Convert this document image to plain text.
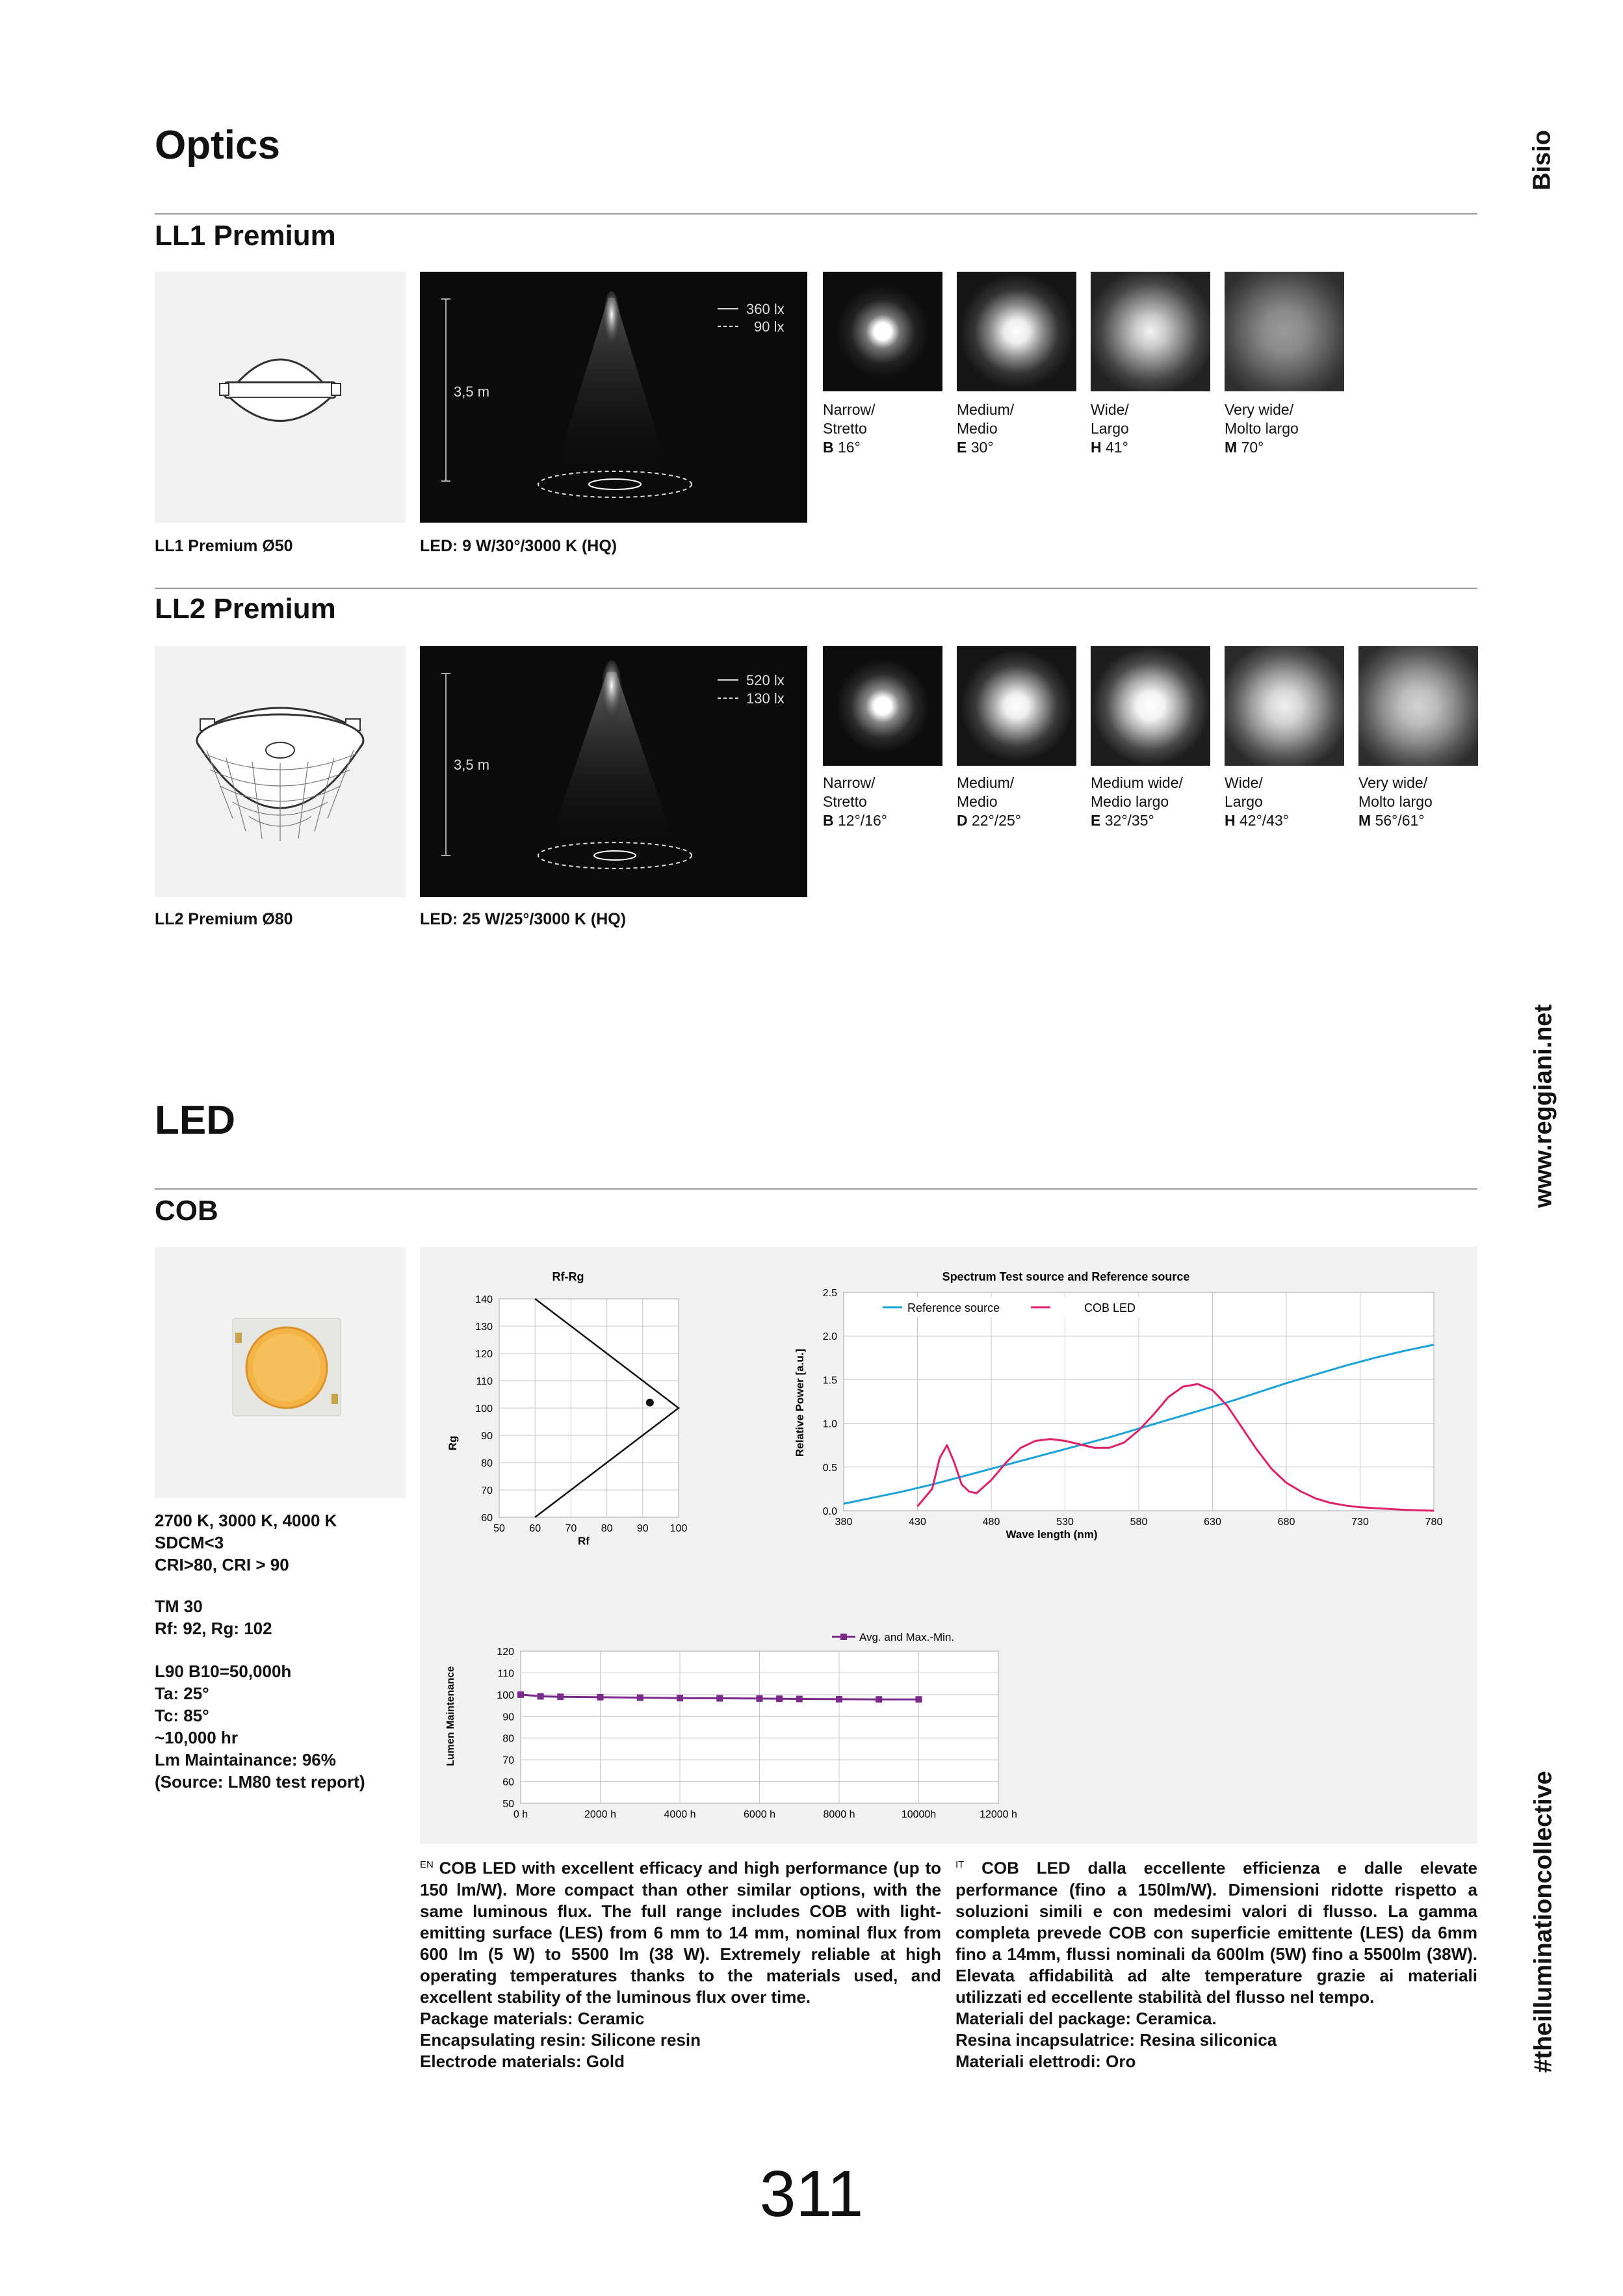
Bisio
www.reggiani.net
#theilluminationcollective
Optics
LL1 Premium
3,5 m
360 lx
90 lx
Narrow/
Stretto
B 16°
Medium/
Medio
E 30°
Wide/
Largo
H 41°
Very wide/
Molto largo
M 70°
LL1 Premium Ø50	LED: 9 W/30°/3000 K (HQ)
LL2 Premium
3,5 m
520 lx
130 lx
Narrow/
Stretto
B 12°/16°
Medium/
Medio
D 22°/25°
Medium wide/
Medio largo
E 32°/35°
Wide/
Largo
H 42°/43°
Very wide/
Molto largo
M 56°/61°
LL2 Premium Ø80	LED: 25 W/25°/3000 K (HQ)
LED
COB
2700 K, 3000 K, 4000 K
SDCM<3
CRI>80, CRI > 90
TM 30
Rf: 92, Rg: 102
L90 B10=50,000h
Ta: 25°
Tc: 85°
~10,000 hr
Lm Maintainance: 96%
(Source: LM80 test report)
Rf-Rg
Rf
Rg
50 60 70 80 90 100
60
70
80
90
100
110
120
130
140
Spectrum Test source and Reference source
Wave length (nm)
Relative Power [a.u.]
380	430	480	530	580	630	680	730	780
0.0
0.5
1.0
1.5
2.0
2.5
Reference source	COB LED
Lumen Maintenance
Avg. and Max.-Min.
0 h	2000 h	4000 h	6000 h	8000 h	10000h	12000 h
50
60
70
80
90
100
110
120
$^{EN}$ COB LED with excellent efficacy and high performance (up to 150 lm/W). More compact than other similar options, with the same luminous flux. The full range includes COB with light-emitting surface (LES) from 6 mm to 14 mm, nominal flux from 600 lm (5 W) to 5500 lm (38 W). Extremely reliable at high operating temperatures thanks to the materials used, and excellent stability of the luminous flux over time.
Package materials: Ceramic
Encapsulating resin: Silicone resin
Electrode materials: Gold
$^{IT}$ COB LED dalla eccellente efficienza e dalle elevate performance (fino a 150lm/W). Dimensioni ridotte rispetto a soluzioni simili e con medesimi valori di flusso. La gamma completa prevede COB con superficie emittente (LES) da 6mm fino a 14mm, flussi nominali da 600lm (5W) fino a 5500lm (38W). Elevata affidabilità ad alte temperature grazie ai materiali utilizzati ed eccellente stabilità del flusso nel tempo.
Materiali del package: Ceramica.
Resina incapsulatrice: Resina siliconica
Materiali elettrodi: Oro
311
